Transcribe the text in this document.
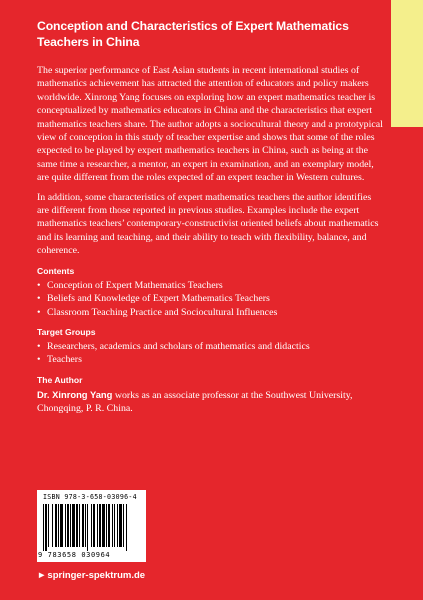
Conception and Characteristics of Expert Mathematics Teachers in China

The superior performance of East Asian students in recent international studies of mathematics achievement has attracted the attention of educators and policy makers worldwide. Xinrong Yang focuses on exploring how an expert mathematics teacher is conceptualized by mathematics educators in China and the characteristics that expert mathematics teachers share. The author adopts a sociocultural theory and a prototypical view of conception in this study of teacher expertise and shows that some of the roles expected to be played by expert mathematics teachers in China, such as being at the same time a researcher, a mentor, an expert in examination, and an exemplary model, are quite different from the roles expected of an expert teacher in Western cultures.

In addition, some characteristics of expert mathematics teachers the author identifies are different from those reported in previous studies. Examples include the expert mathematics teachers’ contemporary-constructivist oriented beliefs about mathematics and its learning and teaching, and their ability to teach with flexibility, balance, and coherence.

Contents
• Conception of Expert Mathematics Teachers
• Beliefs and Knowledge of Expert Mathematics Teachers
• Classroom Teaching Practice and Sociocultural Influences
Target Groups
• Researchers, academics and scholars of mathematics and didactics
• Teachers
The Author

Dr. Xinrong Yang works as an associate professor at the Southwest University, Chongqing, P. R. China.

ISBN 978-3-658-03096-4
9 783658 030964
►springer-spektrum.de
